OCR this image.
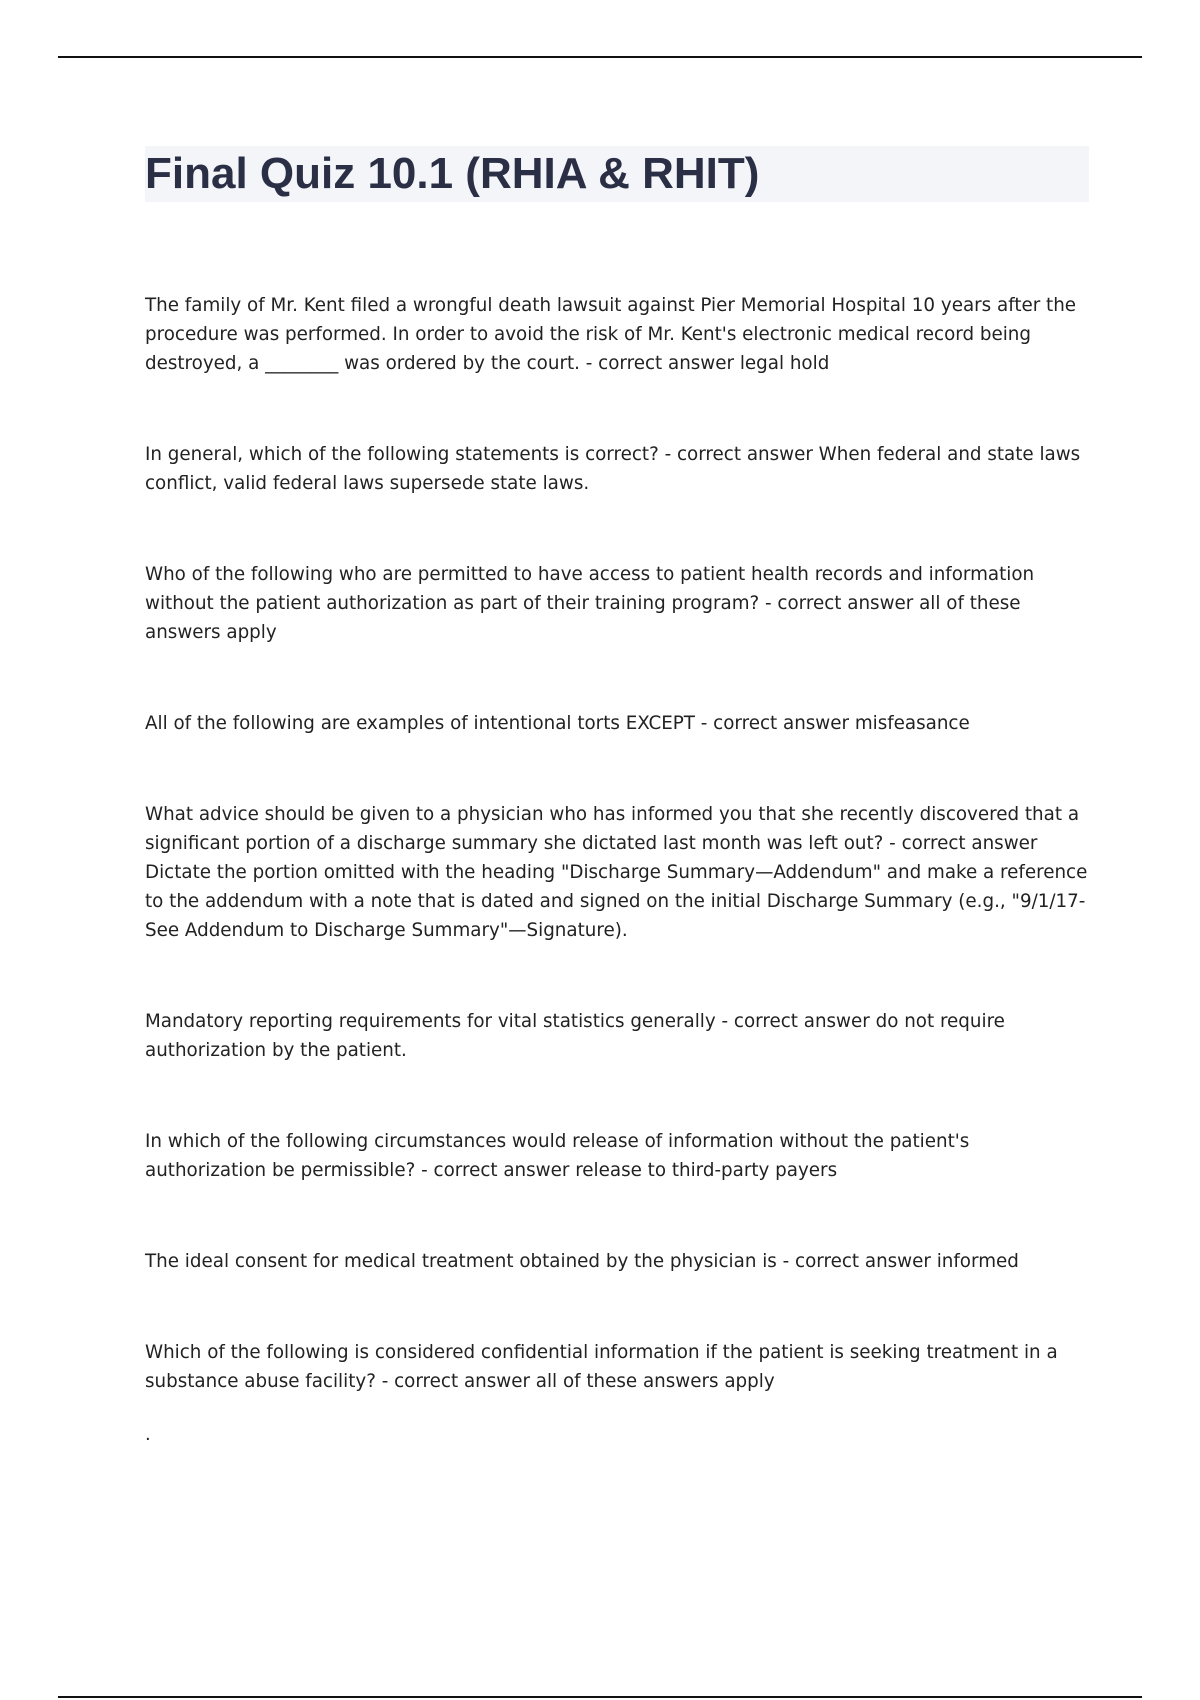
Final Quiz 10.1 (RHIA & RHIT)

The family of Mr. Kent filed a wrongful death lawsuit against Pier Memorial Hospital 10 years after the procedure was performed. In order to avoid the risk of Mr. Kent's electronic medical record being destroyed, a ________ was ordered by the court. - correct answer legal hold

In general, which of the following statements is correct? - correct answer When federal and state laws conflict, valid federal laws supersede state laws.

Who of the following who are permitted to have access to patient health records and information without the patient authorization as part of their training program? - correct answer all of these answers apply

All of the following are examples of intentional torts EXCEPT - correct answer misfeasance

What advice should be given to a physician who has informed you that she recently discovered that a significant portion of a discharge summary she dictated last month was left out? - correct answer Dictate the portion omitted with the heading "Discharge Summary—Addendum" and make a reference to the addendum with a note that is dated and signed on the initial Discharge Summary (e.g., "9/1/17-See Addendum to Discharge Summary"—Signature).

Mandatory reporting requirements for vital statistics generally - correct answer do not require authorization by the patient.

In which of the following circumstances would release of information without the patient's authorization be permissible? - correct answer release to third-party payers

The ideal consent for medical treatment obtained by the physician is - correct answer informed

Which of the following is considered confidential information if the patient is seeking treatment in a substance abuse facility? - correct answer all of these answers apply

.
